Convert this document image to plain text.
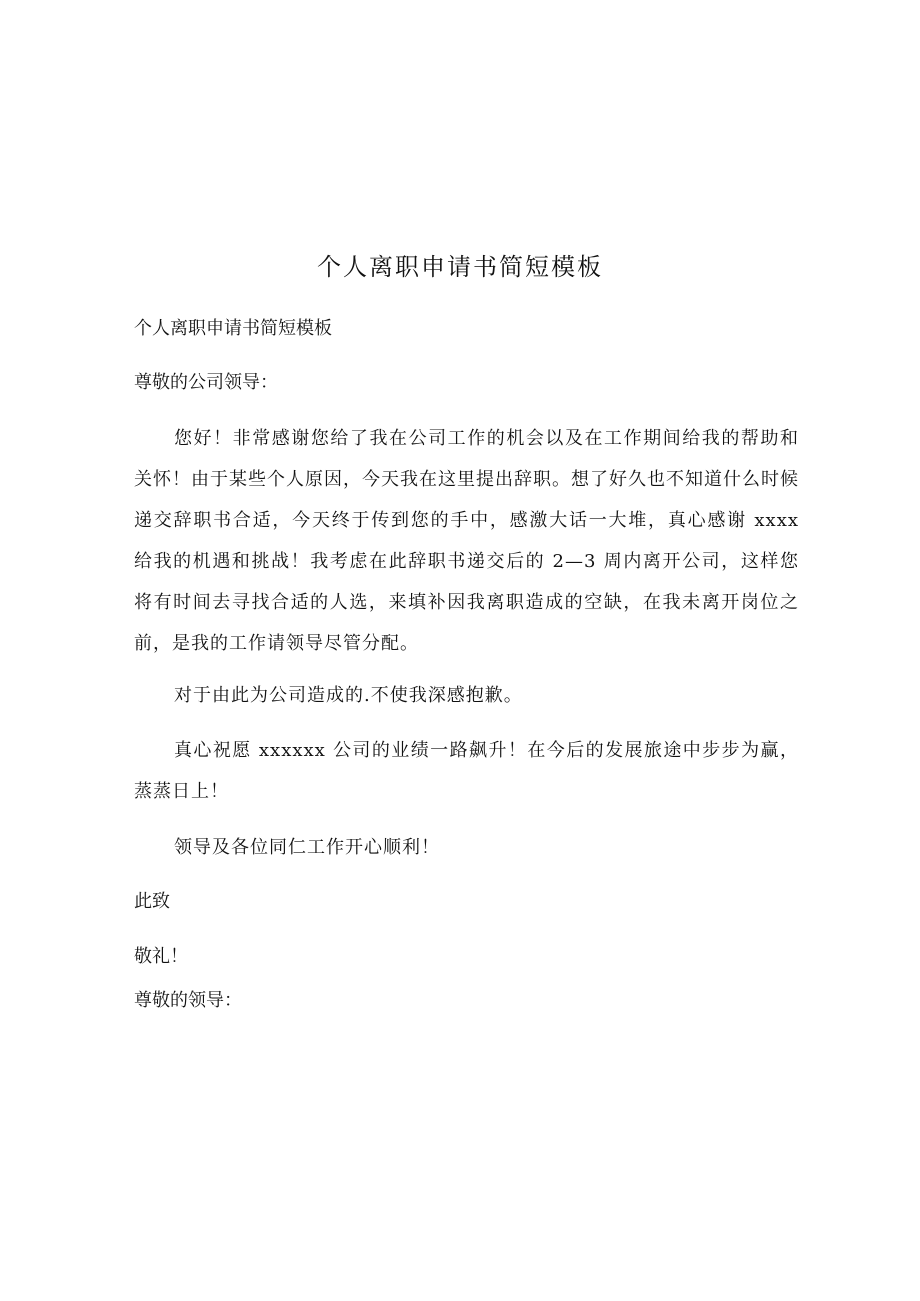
个人离职申请书简短模板
个人离职申请书简短模板
尊敬的公司领导：
您好！非常感谢您给了我在公司工作的机会以及在工作期间给我的帮助和关怀！由于某些个人原因，今天我在这里提出辞职。想了好久也不知道什么时候递交辞职书合适，今天终于传到您的手中，感激大话一大堆，真心感谢 xxxx 给我的机遇和挑战！我考虑在此辞职书递交后的 2—3 周内离开公司，这样您将有时间去寻找合适的人选，来填补因我离职造成的空缺，在我未离开岗位之前，是我的工作请领导尽管分配。
对于由此为公司造成的.不使我深感抱歉。
真心祝愿 xxxxxx 公司的业绩一路飙升！在今后的发展旅途中步步为赢，蒸蒸日上！
领导及各位同仁工作开心顺利！
此致
敬礼！
尊敬的领导：
